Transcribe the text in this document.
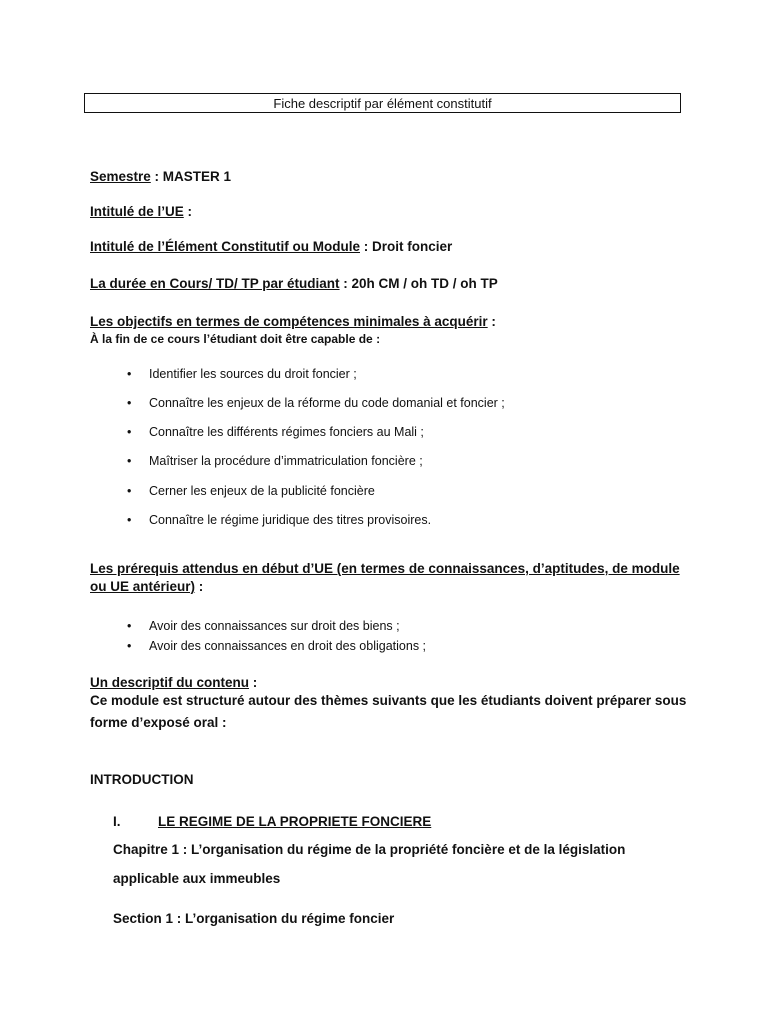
Fiche descriptif par élément constitutif
Semestre : MASTER 1
Intitulé de l’UE :
Intitulé de l’Élément Constitutif ou Module : Droit foncier
La durée en Cours/ TD/ TP par étudiant : 20h CM / oh TD / oh TP
Les objectifs en termes de compétences minimales à acquérir :
À la fin de ce cours l’étudiant doit être capable de :
• Identifier les sources du droit foncier ;
• Connaître les enjeux de la réforme du code domanial et foncier ;
• Connaître les différents régimes fonciers au Mali ;
• Maîtriser la procédure d’immatriculation foncière ;
• Cerner les enjeux de la publicité foncière
• Connaître le régime juridique des titres provisoires.
Les prérequis attendus en début d’UE (en termes de connaissances, d’aptitudes, de module
ou UE antérieur) :
• Avoir des connaissances sur droit des biens ;
• Avoir des connaissances en droit des obligations ;
Un descriptif du contenu :
Ce module est structuré autour des thèmes suivants que les étudiants doivent préparer sous forme d’exposé oral :
INTRODUCTION
I.	LE REGIME DE LA PROPRIETE FONCIERE
Chapitre 1 : L’organisation du régime de la propriété foncière et de la législation applicable aux immeubles
Section 1 : L’organisation du régime foncier
